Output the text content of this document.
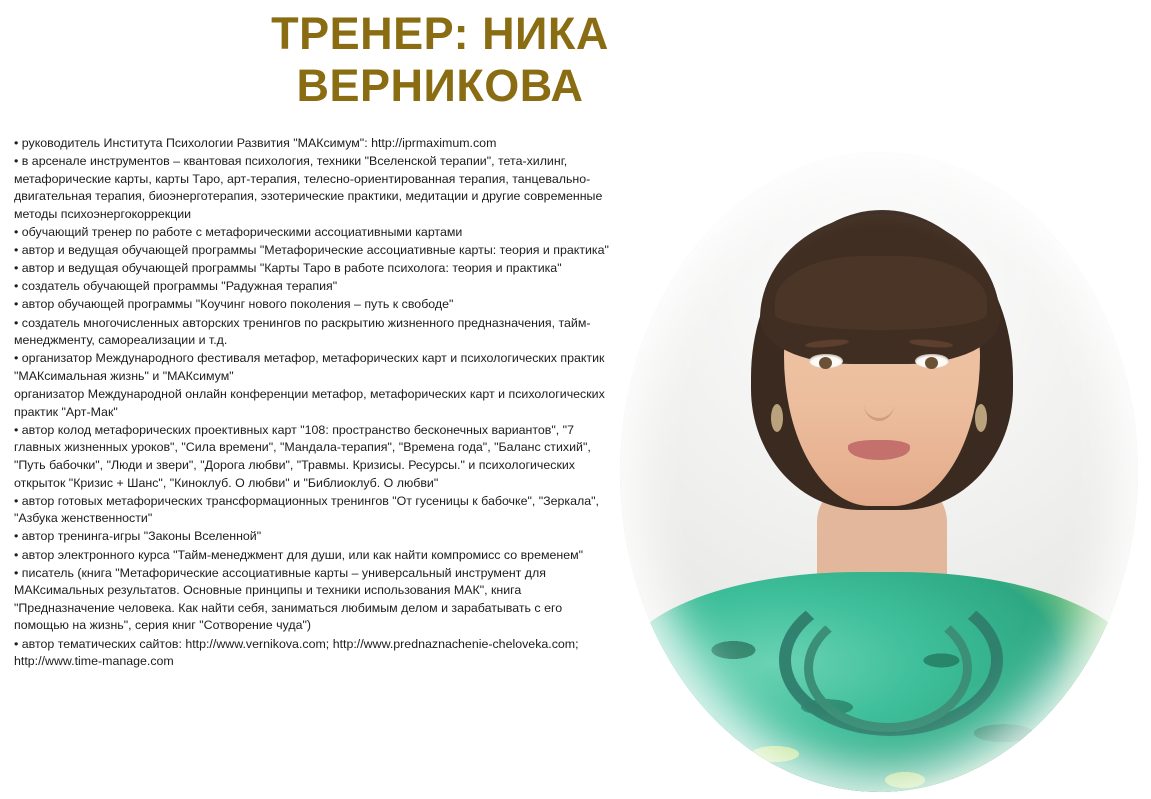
ТРЕНЕР: НИКА
ВЕРНИКОВА

• руководитель Института Психологии Развития "МАКсимум": http://iprmaximum.com

• в арсенале инструментов – квантовая психология, техники "Вселенской терапии", тета-хилинг, метафорические карты, карты Таро, арт-терапия, телесно-ориентированная терапия, танцевально-двигательная терапия, биоэнерготерапия, эзотерические практики, медитации и другие современные методы психоэнергокоррекции

• обучающий тренер по работе с метафорическими ассоциативными картами

• автор и ведущая обучающей программы "Метафорические ассоциативные карты: теория и практика"

• автор и ведущая обучающей программы "Карты Таро в работе психолога: теория и практика"

• создатель обучающей программы "Радужная терапия"

• автор обучающей программы "Коучинг нового поколения – путь к свободе"

• создатель многочисленных авторских тренингов по раскрытию жизненного предназначения, тайм-менеджменту, самореализации и т.д.

• организатор Международного фестиваля метафор, метафорических карт и психологических практик "МАКсимальная жизнь" и "МАКсимум"

организатор Международной онлайн конференции метафор, метафорических карт и психологических практик "Арт-Мак"

• автор колод метафорических проективных карт "108: пространство бесконечных вариантов", "7 главных жизненных уроков", "Сила времени", "Мандала-терапия", "Времена года", "Баланс стихий", "Путь бабочки", "Люди и звери", "Дорога любви", "Травмы. Кризисы. Ресурсы." и психологических открыток "Кризис + Шанс", "Киноклуб. О любви" и "Библиоклуб. О любви"

• автор готовых метафорических трансформационных тренингов "От гусеницы к бабочке", "Зеркала", "Азбука женственности"

• автор тренинга-игры "Законы Вселенной"

• автор электронного курса "Тайм-менеджмент для души, или как найти компромисс со временем"

• писатель (книга "Метафорические ассоциативные карты – универсальный инструмент для МАКсимальных результатов. Основные принципы и техники использования МАК", книга "Предназначение человека. Как найти себя, заниматься любимым делом и зарабатывать с его помощью на жизнь", серия книг "Сотворение чуда")

• автор тематических сайтов: http://www.vernikova.com; http://www.prednaznachenie-cheloveka.com; http://www.time-manage.com
